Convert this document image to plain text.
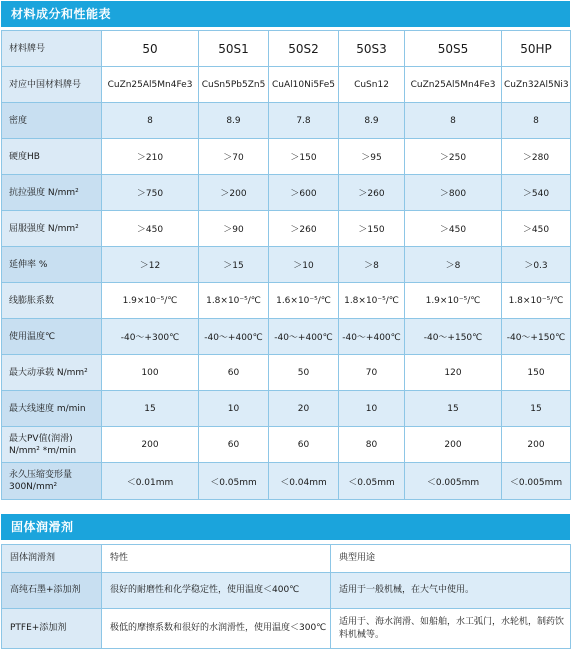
材料成分和性能表
材料牌号	50	50S1	50S2	50S3	50S5	50HP
对应中国材料牌号	CuZn25Al5Mn4Fe3	CuSn5Pb5Zn5	CuAl10Ni5Fe5	CuSn12	CuZn25Al5Mn4Fe3	CuZn32Al5Ni3
密度	8	8.9	7.8	8.9	8	8
硬度HB	＞210	＞70	＞150	＞95	＞250	＞280
抗拉强度 N/mm²	＞750	＞200	＞600	＞260	＞800	＞540
屈服强度 N/mm²	＞450	＞90	＞260	＞150	＞450	＞450
延伸率 %	＞12	＞15	＞10	＞8	＞8	＞0.3
线膨胀系数	1.9×10⁻⁵/℃	1.8×10⁻⁵/℃	1.6×10⁻⁵/℃	1.8×10⁻⁵/℃	1.9×10⁻⁵/℃	1.8×10⁻⁵/℃
使用温度℃	-40～+300℃	-40～+400℃	-40～+400℃	-40～+400℃	-40～+150℃	-40～+150℃
最大动承载 N/mm²	100	60	50	70	120	150
最大线速度 m/min	15	10	20	10	15	15
最大PV值(润滑) N/mm² *m/min	200	60	60	80	200	200
永久压缩变形量 300N/mm²	＜0.01mm	＜0.05mm	＜0.04mm	＜0.05mm	＜0.005mm	＜0.005mm
固体润滑剂
固体润滑剂	特性	典型用途
高纯石墨+添加剂	很好的耐磨性和化学稳定性，使用温度＜400℃	适用于一般机械，在大气中使用。
PTFE+添加剂	极低的摩擦系数和很好的水润滑性，使用温度＜300℃	适用于、海水润滑、如船舶，水工弧门，水轮机，制药饮料机械等。
